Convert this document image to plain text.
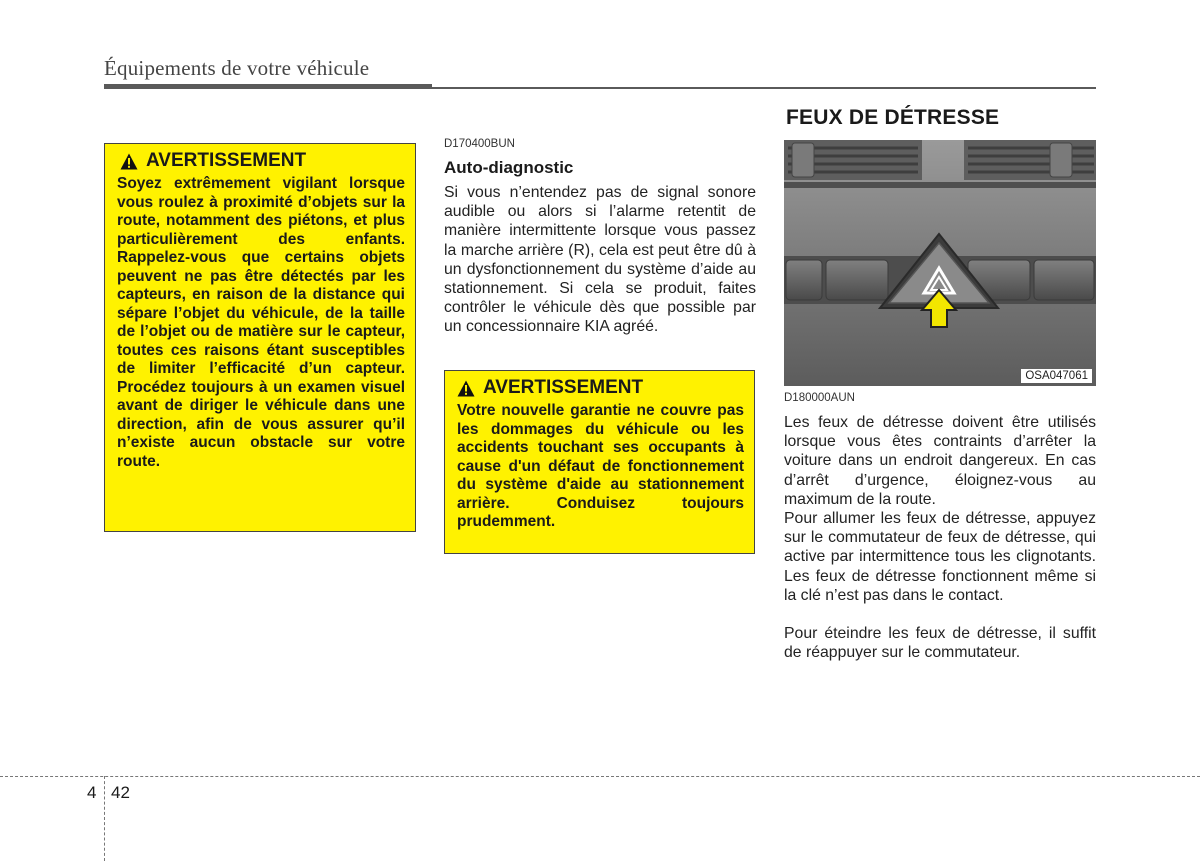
Équipements de votre véhicule
AVERTISSEMENT

Soyez extrêmement vigilant lorsque vous roulez à proximité d’objets sur la route, notamment des piétons, et plus particulièrement des enfants. Rappelez-vous que certains objets peuvent ne pas être détectés par les capteurs, en raison de la distance qui sépare l’objet du véhicule, de la taille de l’objet ou de matière sur le capteur, toutes ces raisons étant susceptibles de limiter l’efficacité d’un capteur. Procédez toujours à un examen visuel avant de diriger le véhicule dans une direction, afin de vous assurer qu’il n’existe aucun obstacle sur votre route.

D170400BUN
Auto-diagnostic

Si vous n’entendez pas de signal sonore audible ou alors si l’alarme retentit de manière intermittente lorsque vous passez la marche arrière (R), cela est peut être dû à un dysfonctionnement du système d’aide au stationnement. Si cela se produit, faites contrôler le véhicule dès que possible par un concessionnaire KIA agréé.

AVERTISSEMENT

Votre nouvelle garantie ne couvre pas les dommages du véhicule ou les accidents touchant ses occupants à cause d'un défaut de fonctionnement du système d'aide au stationnement arrière. Conduisez toujours prudemment.

FEUX DE DÉTRESSE
OSA047061
D180000AUN

Les feux de détresse doivent être utilisés lorsque vous êtes contraints d’arrêter la voiture dans un endroit dangereux. En cas d’arrêt d’urgence, éloignez-vous au maximum de la route.

Pour allumer les feux de détresse, appuyez sur le commutateur de feux de détresse, qui active par intermittence tous les clignotants. Les feux de détresse fonctionnent même si la clé n’est pas dans le contact.

Pour éteindre les feux de détresse, il suffit de réappuyer sur le commutateur.

4 42
